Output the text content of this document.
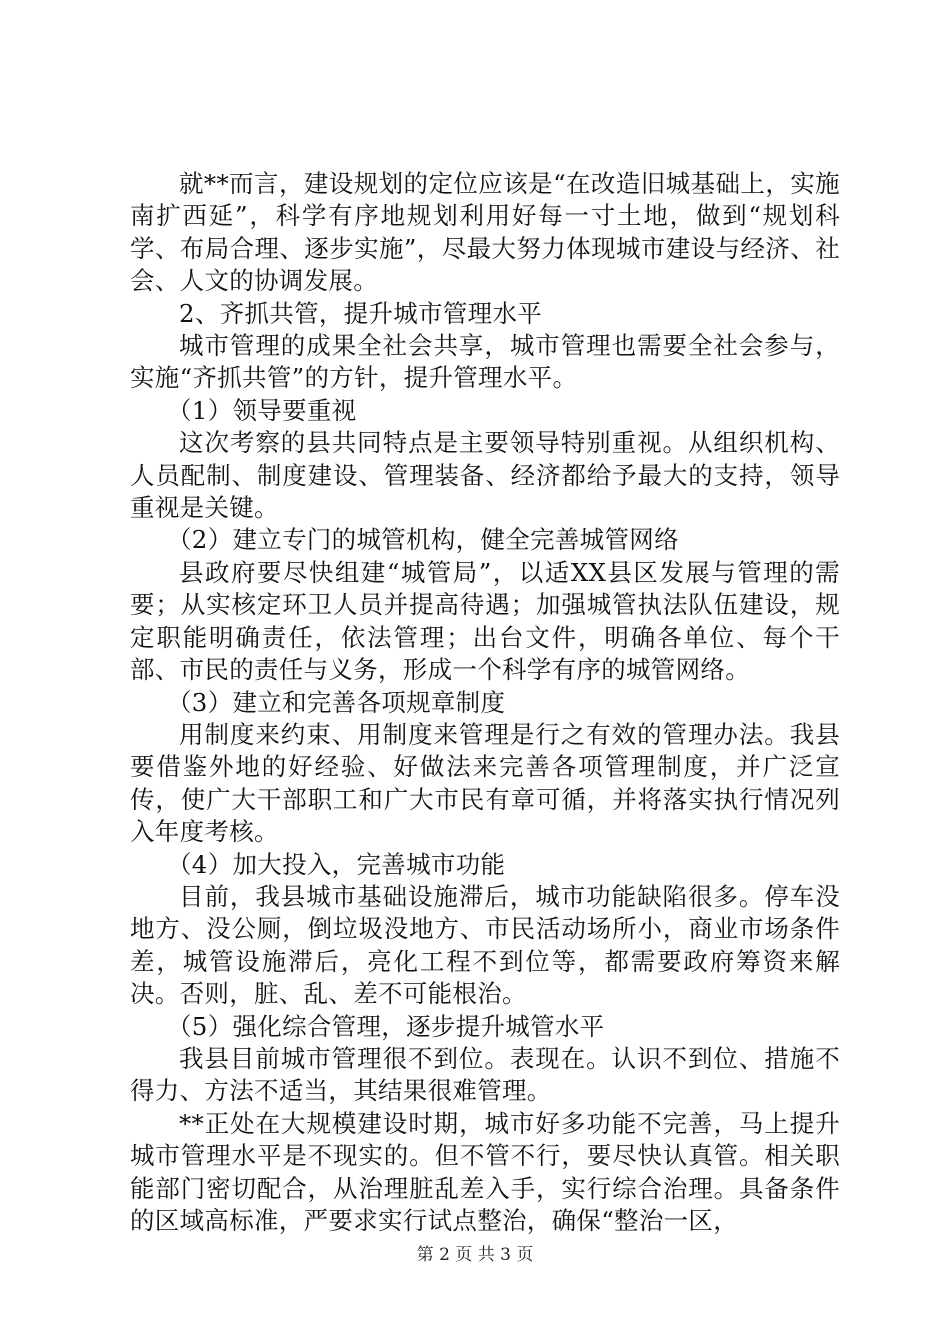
就**而言，建设规划的定位应该是“在改造旧城基础上，实施南扩西延”，科学有序地规划利用好每一寸土地，做到“规划科学、布局合理、逐步实施”，尽最大努力体现城市建设与经济、社会、人文的协调发展。

2、齐抓共管，提升城市管理水平

城市管理的成果全社会共享，城市管理也需要全社会参与，实施“齐抓共管”的方针，提升管理水平。

（1）领导要重视

这次考察的县共同特点是主要领导特别重视。从组织机构、人员配制、制度建设、管理装备、经济都给予最大的支持，领导重视是关键。

（2）建立专门的城管机构，健全完善城管网络

县政府要尽快组建“城管局”，以适XX县区发展与管理的需要；从实核定环卫人员并提高待遇；加强城管执法队伍建设，规定职能明确责任，依法管理；出台文件，明确各单位、每个干部、市民的责任与义务，形成一个科学有序的城管网络。

（3）建立和完善各项规章制度

用制度来约束、用制度来管理是行之有效的管理办法。我县要借鉴外地的好经验、好做法来完善各项管理制度，并广泛宣传，使广大干部职工和广大市民有章可循，并将落实执行情况列入年度考核。

（4）加大投入，完善城市功能

目前，我县城市基础设施滞后，城市功能缺陷很多。停车没地方、没公厕，倒垃圾没地方、市民活动场所小，商业市场条件差，城管设施滞后，亮化工程不到位等，都需要政府筹资来解决。否则，脏、乱、差不可能根治。

（5）强化综合管理，逐步提升城管水平

我县目前城市管理很不到位。表现在。认识不到位、措施不得力、方法不适当，其结果很难管理。

**正处在大规模建设时期，城市好多功能不完善，马上提升城市管理水平是不现实的。但不管不行，要尽快认真管。相关职能部门密切配合，从治理脏乱差入手，实行综合治理。具备条件的区域高标准，严要求实行试点整治，确保“整治一区，

第 2 页 共 3 页
